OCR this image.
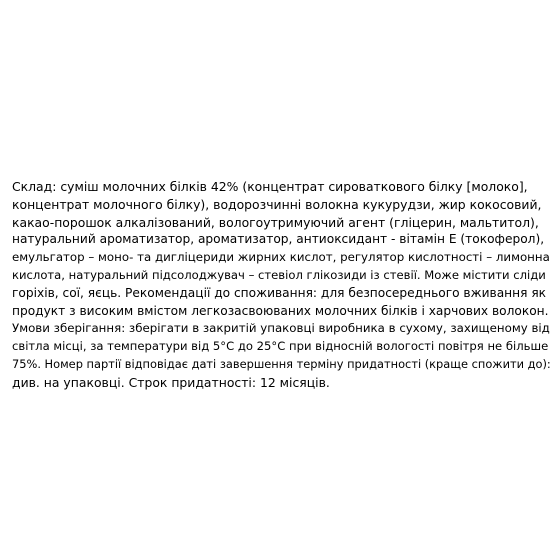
Склад: суміш молочних білків 42% (концентрат сироваткового білку [молоко],
концентрат молочного білку), водорозчинні волокна кукурудзи, жир кокосовий,
какао-порошок алкалізований, вологоутримуючий агент (гліцерин, мальтитол),
натуральний ароматизатор, ароматизатор, антиоксидант - вітамін Е (токоферол),
емульгатор – моно- та дигліцериди жирних кислот, регулятор кислотності – лимонна
кислота, натуральний підсолоджувач – стевіол глікозиди із стевії. Може містити сліди
горіхів, сої, яєць. Рекомендації до споживання: для безпосереднього вживання як
продукт з високим вмістом легкозасвоюваних молочних білків і харчових волокон.
Умови зберігання: зберігати в закритій упаковці виробника в сухому, захищеному від
світла місці, за температури від 5°С до 25°С при відносній вологості повітря не більше
75%. Номер партії відповідає даті завершення терміну придатності (краще спожити до):
див. на упаковці. Строк придатності: 12 місяців.
